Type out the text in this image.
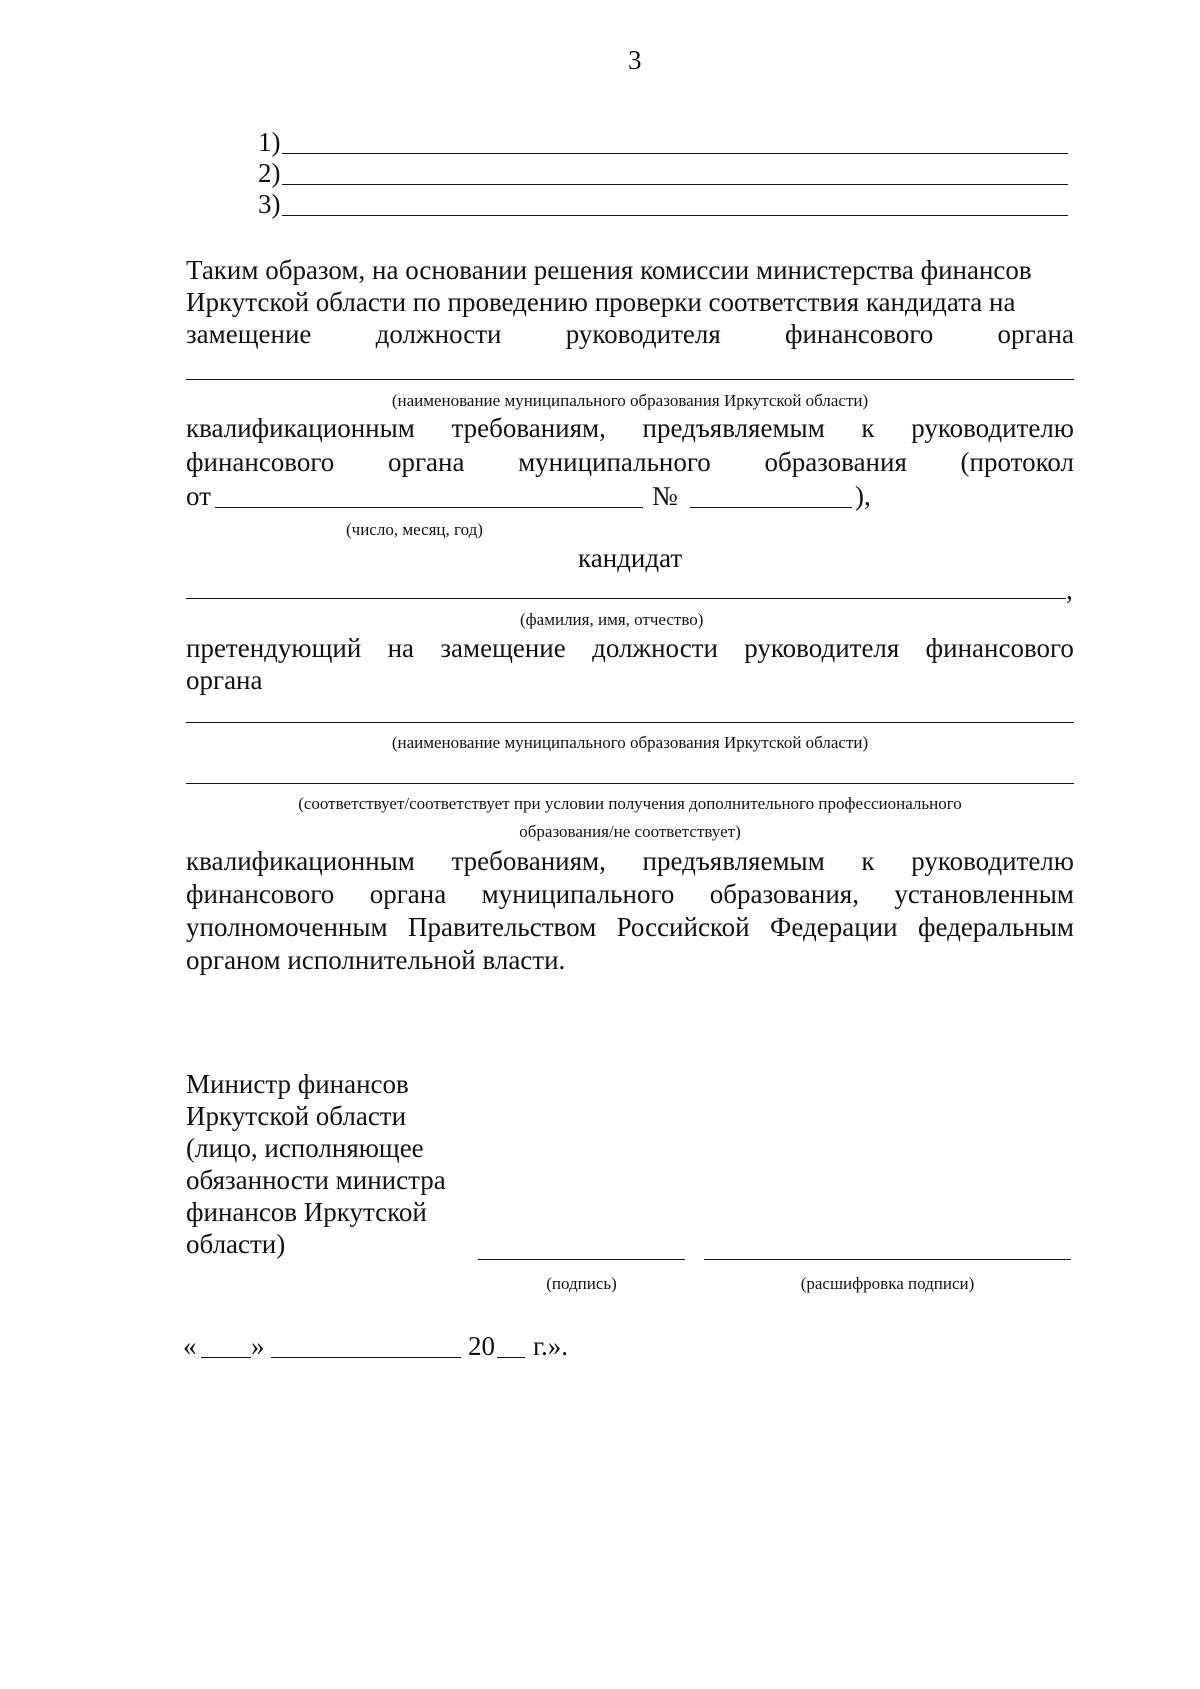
3
1)
2)
3)
Таким образом, на основании решения комиссии министерства финансов
Иркутской области по проведению проверки соответствия кандидата на
замещение должности руководителя финансового органа
(наименование муниципального образования Иркутской области)
квалификационным требованиям, предъявляемым к руководителю
финансового органа муниципального образования (протокол
от	№	),
(число, месяц, год)
кандидат
,
(фамилия, имя, отчество)
претендующий на замещение должности руководителя финансового
органа
(наименование муниципального образования Иркутской области)
(соответствует/соответствует при условии получения дополнительного профессионального
образования/не соответствует)
квалификационным требованиям, предъявляемым к руководителю
финансового органа муниципального образования, установленным
уполномоченным Правительством Российской Федерации федеральным
органом исполнительной власти.
Министр финансов
Иркутской области
(лицо, исполняющее
обязанности министра
финансов Иркутской
области)
(подпись)	(расшифровка подписи)
« »	20 г.».
